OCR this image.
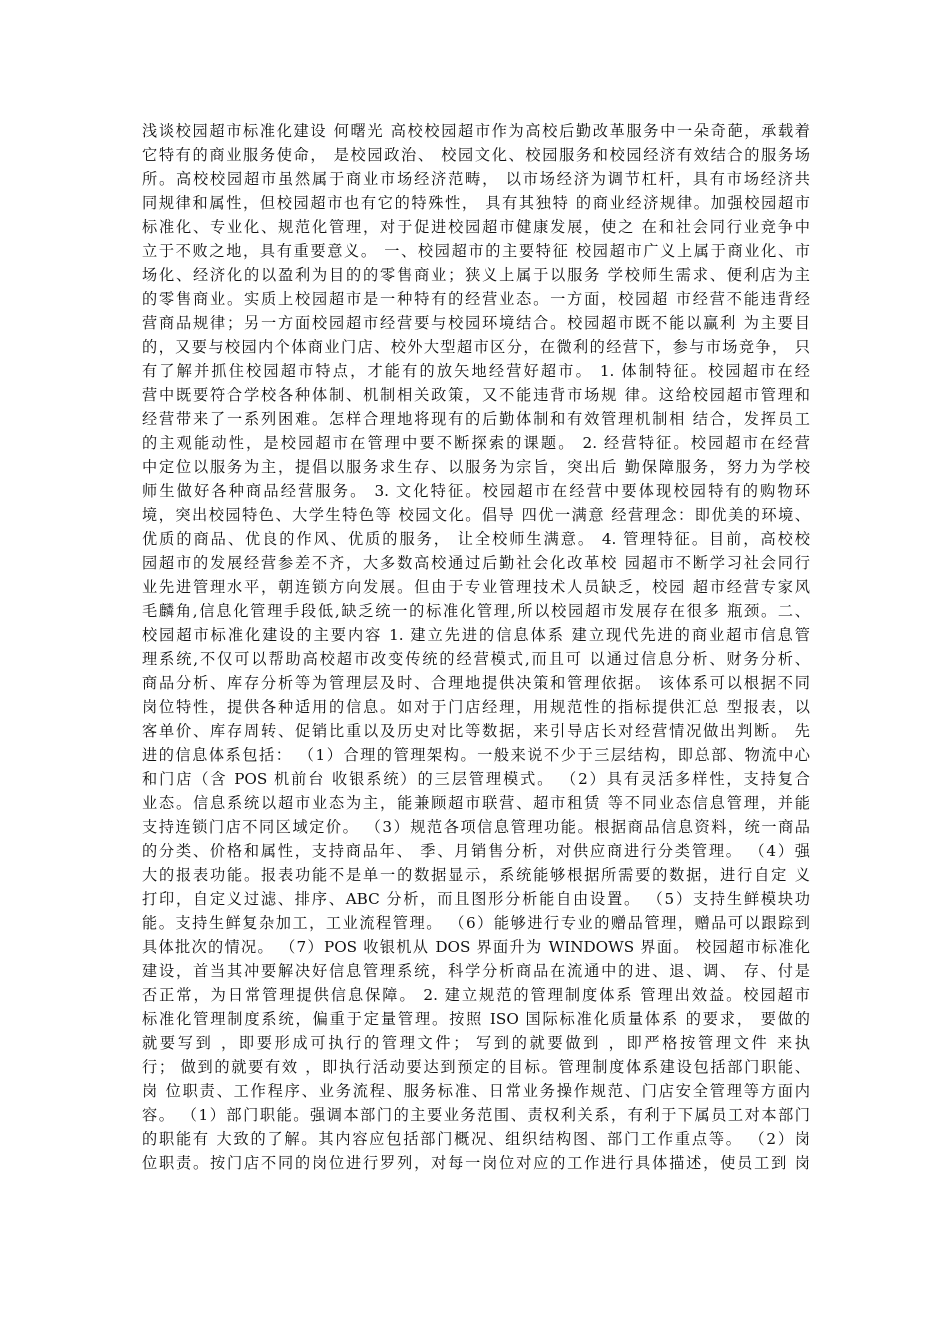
浅谈校园超市标准化建设 何曙光 高校校园超市作为高校后勤改革服务中一朵奇葩，承载着
它特有的商业服务使命， 是校园政治、 校园文化、校园服务和校园经济有效结合的服务场
所。高校校园超市虽然属于商业市场经济范畴， 以市场经济为调节杠杆，具有市场经济共
同规律和属性，但校园超市也有它的特殊性， 具有其独特 的商业经济规律。加强校园超市
标准化、专业化、规范化管理，对于促进校园超市健康发展，使之 在和社会同行业竞争中
立于不败之地，具有重要意义。 一、校园超市的主要特征 校园超市广义上属于商业化、市
场化、经济化的以盈利为目的的零售商业；狭义上属于以服务 学校师生需求、便利店为主
的零售商业。实质上校园超市是一种特有的经营业态。一方面，校园超 市经营不能违背经
营商品规律；另一方面校园超市经营要与校园环境结合。校园超市既不能以赢利 为主要目
的，又要与校园内个体商业门店、校外大型超市区分，在微利的经营下，参与市场竞争， 只
有了解并抓住校园超市特点，才能有的放矢地经营好超市。 1. 体制特征。校园超市在经
营中既要符合学校各种体制、机制相关政策，又不能违背市场规 律。这给校园超市管理和
经营带来了一系列困难。怎样合理地将现有的后勤体制和有效管理机制相 结合，发挥员工
的主观能动性，是校园超市在管理中要不断探索的课题。 2. 经营特征。校园超市在经营
中定位以服务为主，提倡以服务求生存、以服务为宗旨，突出后 勤保障服务，努力为学校
师生做好各种商品经营服务。 3. 文化特征。校园超市在经营中要体现校园特有的购物环
境，突出校园特色、大学生特色等 校园文化。倡导 四优一满意 经营理念：即优美的环境、
优质的商品、优良的作风、优质的服务， 让全校师生满意。 4. 管理特征。目前，高校校
园超市的发展经营参差不齐，大多数高校通过后勤社会化改革校 园超市不断学习社会同行
业先进管理水平，朝连锁方向发展。但由于专业管理技术人员缺乏，校园 超市经营专家风
毛麟角,信息化管理手段低,缺乏统一的标准化管理,所以校园超市发展存在很多 瓶颈。二、
校园超市标准化建设的主要内容 1. 建立先进的信息体系 建立现代先进的商业超市信息管
理系统,不仅可以帮助高校超市改变传统的经营模式,而且可 以通过信息分析、财务分析、
商品分析、库存分析等为管理层及时、合理地提供决策和管理依据。 该体系可以根据不同
岗位特性，提供各种适用的信息。如对于门店经理，用规范性的指标提供汇总 型报表，以
客单价、库存周转、促销比重以及历史对比等数据，来引导店长对经营情况做出判断。 先
进的信息体系包括： （1）合理的管理架构。一般来说不少于三层结构，即总部、物流中心
和门店（含 POS 机前台 收银系统）的三层管理模式。 （2）具有灵活多样性，支持复合
业态。信息系统以超市业态为主，能兼顾超市联营、超市租赁 等不同业态信息管理，并能
支持连锁门店不同区域定价。 （3）规范各项信息管理功能。根据商品信息资料，统一商品
的分类、价格和属性，支持商品年、 季、月销售分析，对供应商进行分类管理。 （4）强
大的报表功能。报表功能不是单一的数据显示，系统能够根据所需要的数据，进行自定 义
打印，自定义过滤、排序、ABC 分析，而且图形分析能自由设置。 （5）支持生鲜模块功
能。支持生鲜复杂加工，工业流程管理。 （6）能够进行专业的赠品管理，赠品可以跟踪到
具体批次的情况。 （7）POS 收银机从 DOS 界面升为 WINDOWS 界面。 校园超市标准化
建设，首当其冲要解决好信息管理系统，科学分析商品在流通中的进、退、调、 存、付是
否正常，为日常管理提供信息保障。 2. 建立规范的管理制度体系 管理出效益。校园超市
标准化管理制度系统，偏重于定量管理。按照 ISO 国际标准化质量体系 的要求， 要做的
就要写到 ，即要形成可执行的管理文件； 写到的就要做到 ，即严格按管理文件 来执
行； 做到的就要有效 ，即执行活动要达到预定的目标。管理制度体系建设包括部门职能、
岗 位职责、工作程序、业务流程、服务标准、日常业务操作规范、门店安全管理等方面内
容。 （1）部门职能。强调本部门的主要业务范围、责权利关系，有利于下属员工对本部门
的职能有 大致的了解。其内容应包括部门概况、组织结构图、部门工作重点等。 （2）岗
位职责。按门店不同的岗位进行罗列，对每一岗位对应的工作进行具体描述，使员工到 岗
